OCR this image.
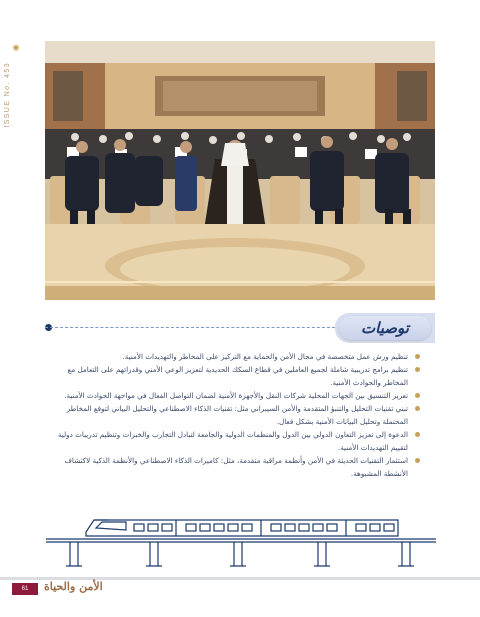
✺
ISSUE No. 453
توصيات
تنظيم ورش عمل متخصصة في مجال الأمن والحماية مع التركيز على المخاطر والتهديدات الأمنية.
تنظيم برامج تدريبية شاملة لجميع العاملين في قطاع السكك الحديدية لتعزيز الوعي الأمني وقدراتهم على التعامل مع المخاطر والحوادث الأمنية.
تعزيز التنسيق بين الجهات المحلية شركات النقل والأجهزة الأمنية لضمان التواصل الفعال في مواجهة الحوادث الأمنية.
تبني تقنيات التحليل والتنبؤ المتقدمة والأمن السيبراني مثل: تقنيات الذكاء الاصطناعي والتحليل البياني لتوقع المخاطر المحتملة وتحليل البيانات الأمنية بشكل فعال.
الدعوة إلى تعزيز التعاون الدولي بين الدول والمنظمات الدولية والجامعة لتبادل التجارب والخبرات وتنظيم تدريبات دولية لتقييم التهديدات الأمنية.
استثمار التقنيات الحديثة في الأمن وأنظمة مراقبة متقدمة، مثل: كاميرات الذكاء الاصطناعي والأنظمة الذكية لاكتشاف الأنشطة المشبوهة.
61	الأمن والحياة
